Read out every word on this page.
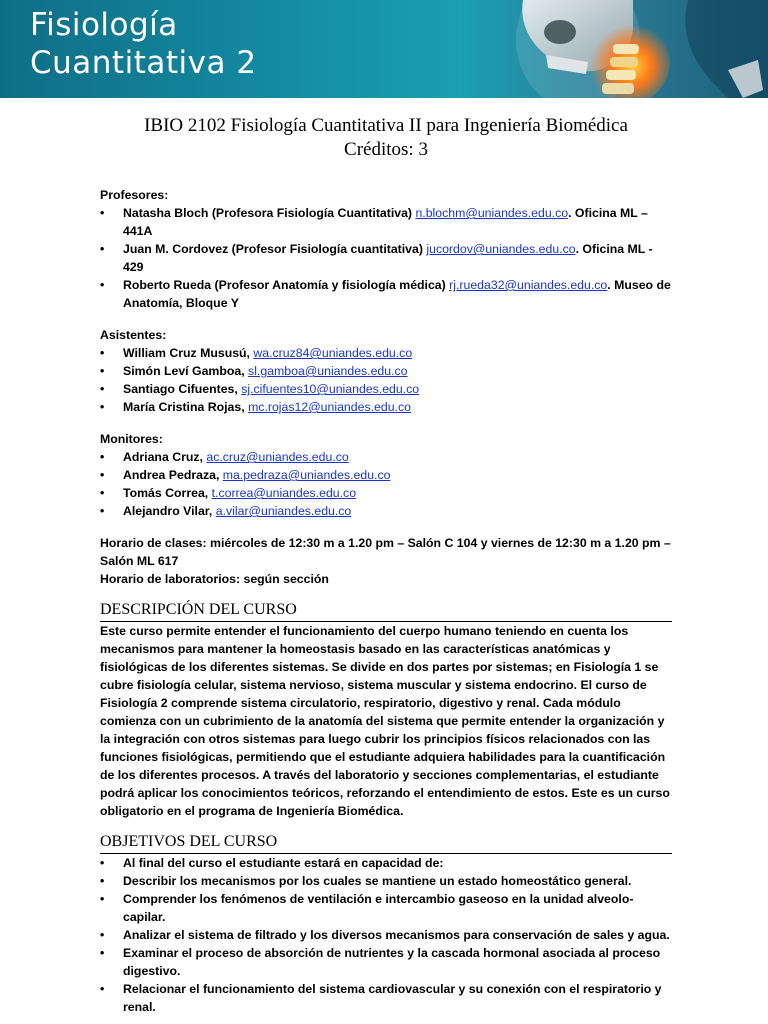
Fisiología
Cuantitativa 2
IBIO 2102 Fisiología Cuantitativa II para Ingeniería Biomédica
Créditos: 3
Profesores:
• Natasha Bloch (Profesora Fisiología Cuantitativa) n.blochm@uniandes.edu.co. Oficina ML – 441A
• Juan M. Cordovez (Profesor Fisiología cuantitativa) jucordov@uniandes.edu.co. Oficina ML - 429
• Roberto Rueda (Profesor Anatomía y fisiología médica) rj.rueda32@uniandes.edu.co. Museo de Anatomía, Bloque Y
Asistentes:
• William Cruz Mususú, wa.cruz84@uniandes.edu.co
• Simón Leví Gamboa, sl.gamboa@uniandes.edu.co
• Santiago Cifuentes, sj.cifuentes10@uniandes.edu.co
• María Cristina Rojas, mc.rojas12@uniandes.edu.co
Monitores:
• Adriana Cruz, ac.cruz@uniandes.edu.co
• Andrea Pedraza, ma.pedraza@uniandes.edu.co
• Tomás Correa, t.correa@uniandes.edu.co
• Alejandro Vilar, a.vilar@uniandes.edu.co
Horario de clases: miércoles de 12:30 m a 1.20 pm – Salón C 104 y viernes de 12:30 m a 1.20 pm – Salón ML 617
Horario de laboratorios: según sección
DESCRIPCIÓN DEL CURSO
Este curso permite entender el funcionamiento del cuerpo humano teniendo en cuenta los mecanismos para mantener la homeostasis basado en las características anatómicas y fisiológicas de los diferentes sistemas. Se divide en dos partes por sistemas; en Fisiología 1 se cubre fisiología celular, sistema nervioso, sistema muscular y sistema endocrino. El curso de Fisiología 2 comprende sistema circulatorio, respiratorio, digestivo y renal. Cada módulo comienza con un cubrimiento de la anatomía del sistema que permite entender la organización y la integración con otros sistemas para luego cubrir los principios físicos relacionados con las funciones fisiológicas, permitiendo que el estudiante adquiera habilidades para la cuantificación de los diferentes procesos. A través del laboratorio y secciones complementarias, el estudiante podrá aplicar los conocimientos teóricos, reforzando el entendimiento de estos. Este es un curso obligatorio en el programa de Ingeniería Biomédica.
OBJETIVOS DEL CURSO
• Al final del curso el estudiante estará en capacidad de:
• Describir los mecanismos por los cuales se mantiene un estado homeostático general.
• Comprender los fenómenos de ventilación e intercambio gaseoso en la unidad alveolo-capilar.
• Analizar el sistema de filtrado y los diversos mecanismos para conservación de sales y agua.
• Examinar el proceso de absorción de nutrientes y la cascada hormonal asociada al proceso digestivo.
• Relacionar el funcionamiento del sistema cardiovascular y su conexión con el respiratorio y renal.
